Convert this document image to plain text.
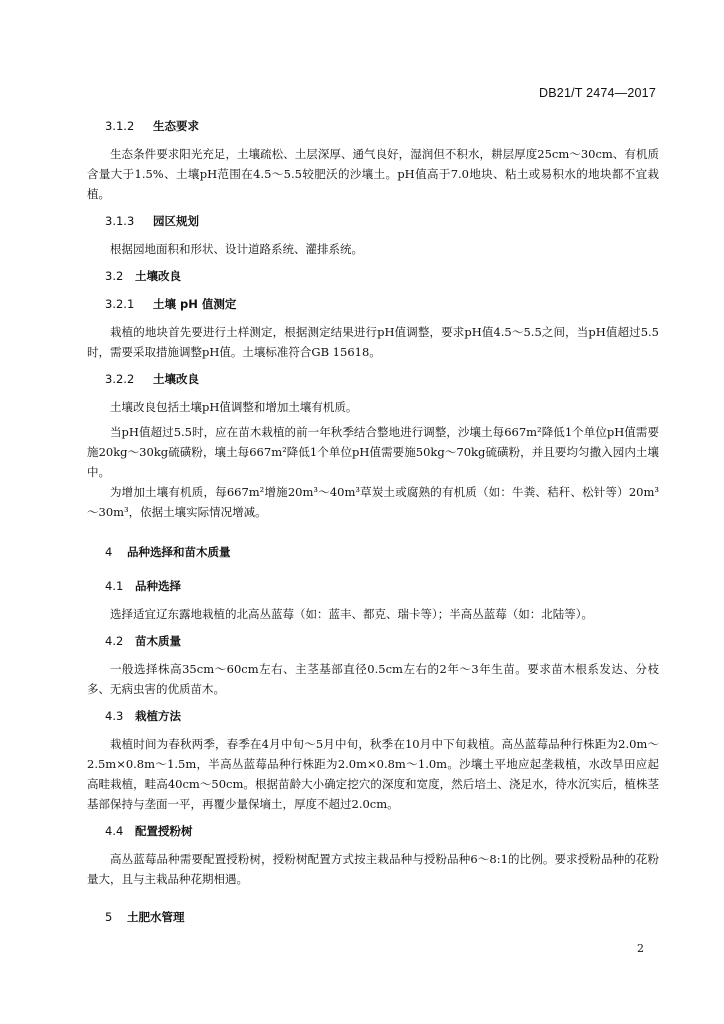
DB21/T 2474—2017
3.1.2 生态要求

生态条件要求阳光充足，土壤疏松、土层深厚、通气良好，湿润但不积水，耕层厚度25cm～30cm、有机质含量大于1.5%、土壤pH范围在4.5～5.5较肥沃的沙壤土。pH值高于7.0地块、粘土或易积水的地块都不宜栽植。

3.1.3 园区规划

根据园地面积和形状、设计道路系统、灌排系统。

3.2 土壤改良
3.2.1 土壤 pH 值测定

栽植的地块首先要进行土样测定，根据测定结果进行pH值调整，要求pH值4.5～5.5之间，当pH值超过5.5时，需要采取措施调整pH值。土壤标准符合GB 15618。

3.2.2 土壤改良

土壤改良包括土壤pH值调整和增加土壤有机质。

当pH值超过5.5时，应在苗木栽植的前一年秋季结合整地进行调整，沙壤土每667m²降低1个单位pH值需要施20kg～30kg硫磺粉，壤土每667m²降低1个单位pH值需要施50kg～70kg硫磺粉，并且要均匀撒入园内土壤中。

为增加土壤有机质，每667m²增施20m³～40m³草炭土或腐熟的有机质（如：牛粪、秸秆、松针等）20m³～30m³，依据土壤实际情况增减。

4 品种选择和苗木质量
4.1 品种选择

选择适宜辽东露地栽植的北高丛蓝莓（如：蓝丰、都克、瑞卡等）；半高丛蓝莓（如：北陆等）。

4.2 苗木质量

一般选择株高35cm～60cm左右、主茎基部直径0.5cm左右的2年～3年生苗。要求苗木根系发达、分枝多、无病虫害的优质苗木。

4.3 栽植方法

栽植时间为春秋两季，春季在4月中旬～5月中旬，秋季在10月中下旬栽植。高丛蓝莓品种行株距为2.0m～2.5m×0.8m～1.5m，半高丛蓝莓品种行株距为2.0m×0.8m～1.0m。沙壤土平地应起垄栽植，水改旱田应起高畦栽植，畦高40cm～50cm。根据苗龄大小确定挖穴的深度和宽度，然后培土、浇足水，待水沉实后，植株茎基部保持与垄面一平，再覆少量保墒土，厚度不超过2.0cm。

4.4 配置授粉树

高丛蓝莓品种需要配置授粉树，授粉树配置方式按主栽品种与授粉品种6～8:1的比例。要求授粉品种的花粉量大，且与主栽品种花期相遇。

5 土肥水管理
2
